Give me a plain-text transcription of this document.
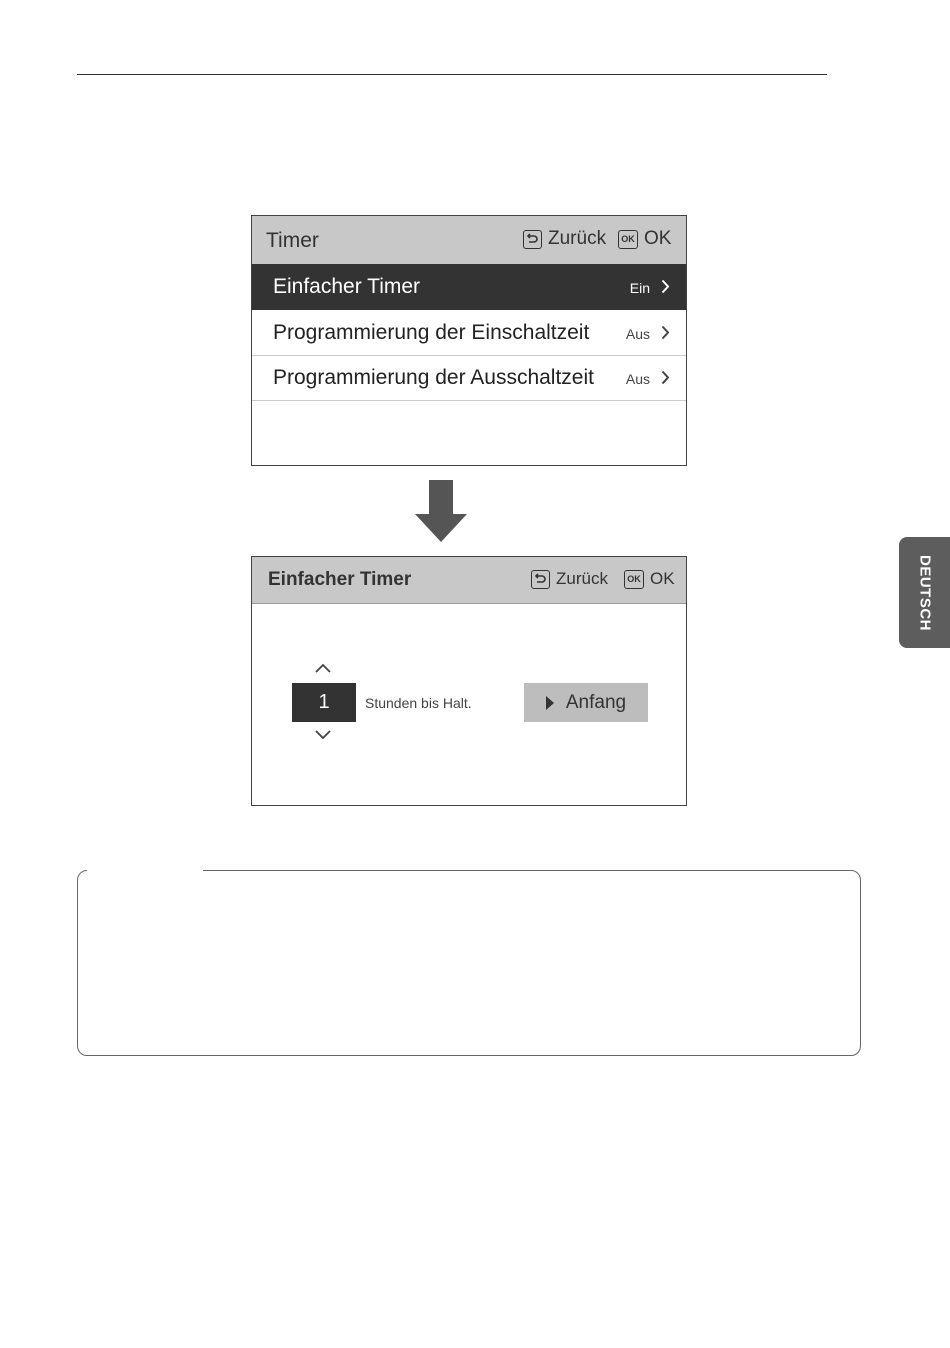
Timer	Zurück	OK OK
Einfacher Timer	Ein
Programmierung der Einschaltzeit	Aus
Programmierung der Ausschaltzeit Aus
Einfacher Timer	Zurück	OK OK
1	Stunden bis Halt.	Anfang
DEUTSCH
